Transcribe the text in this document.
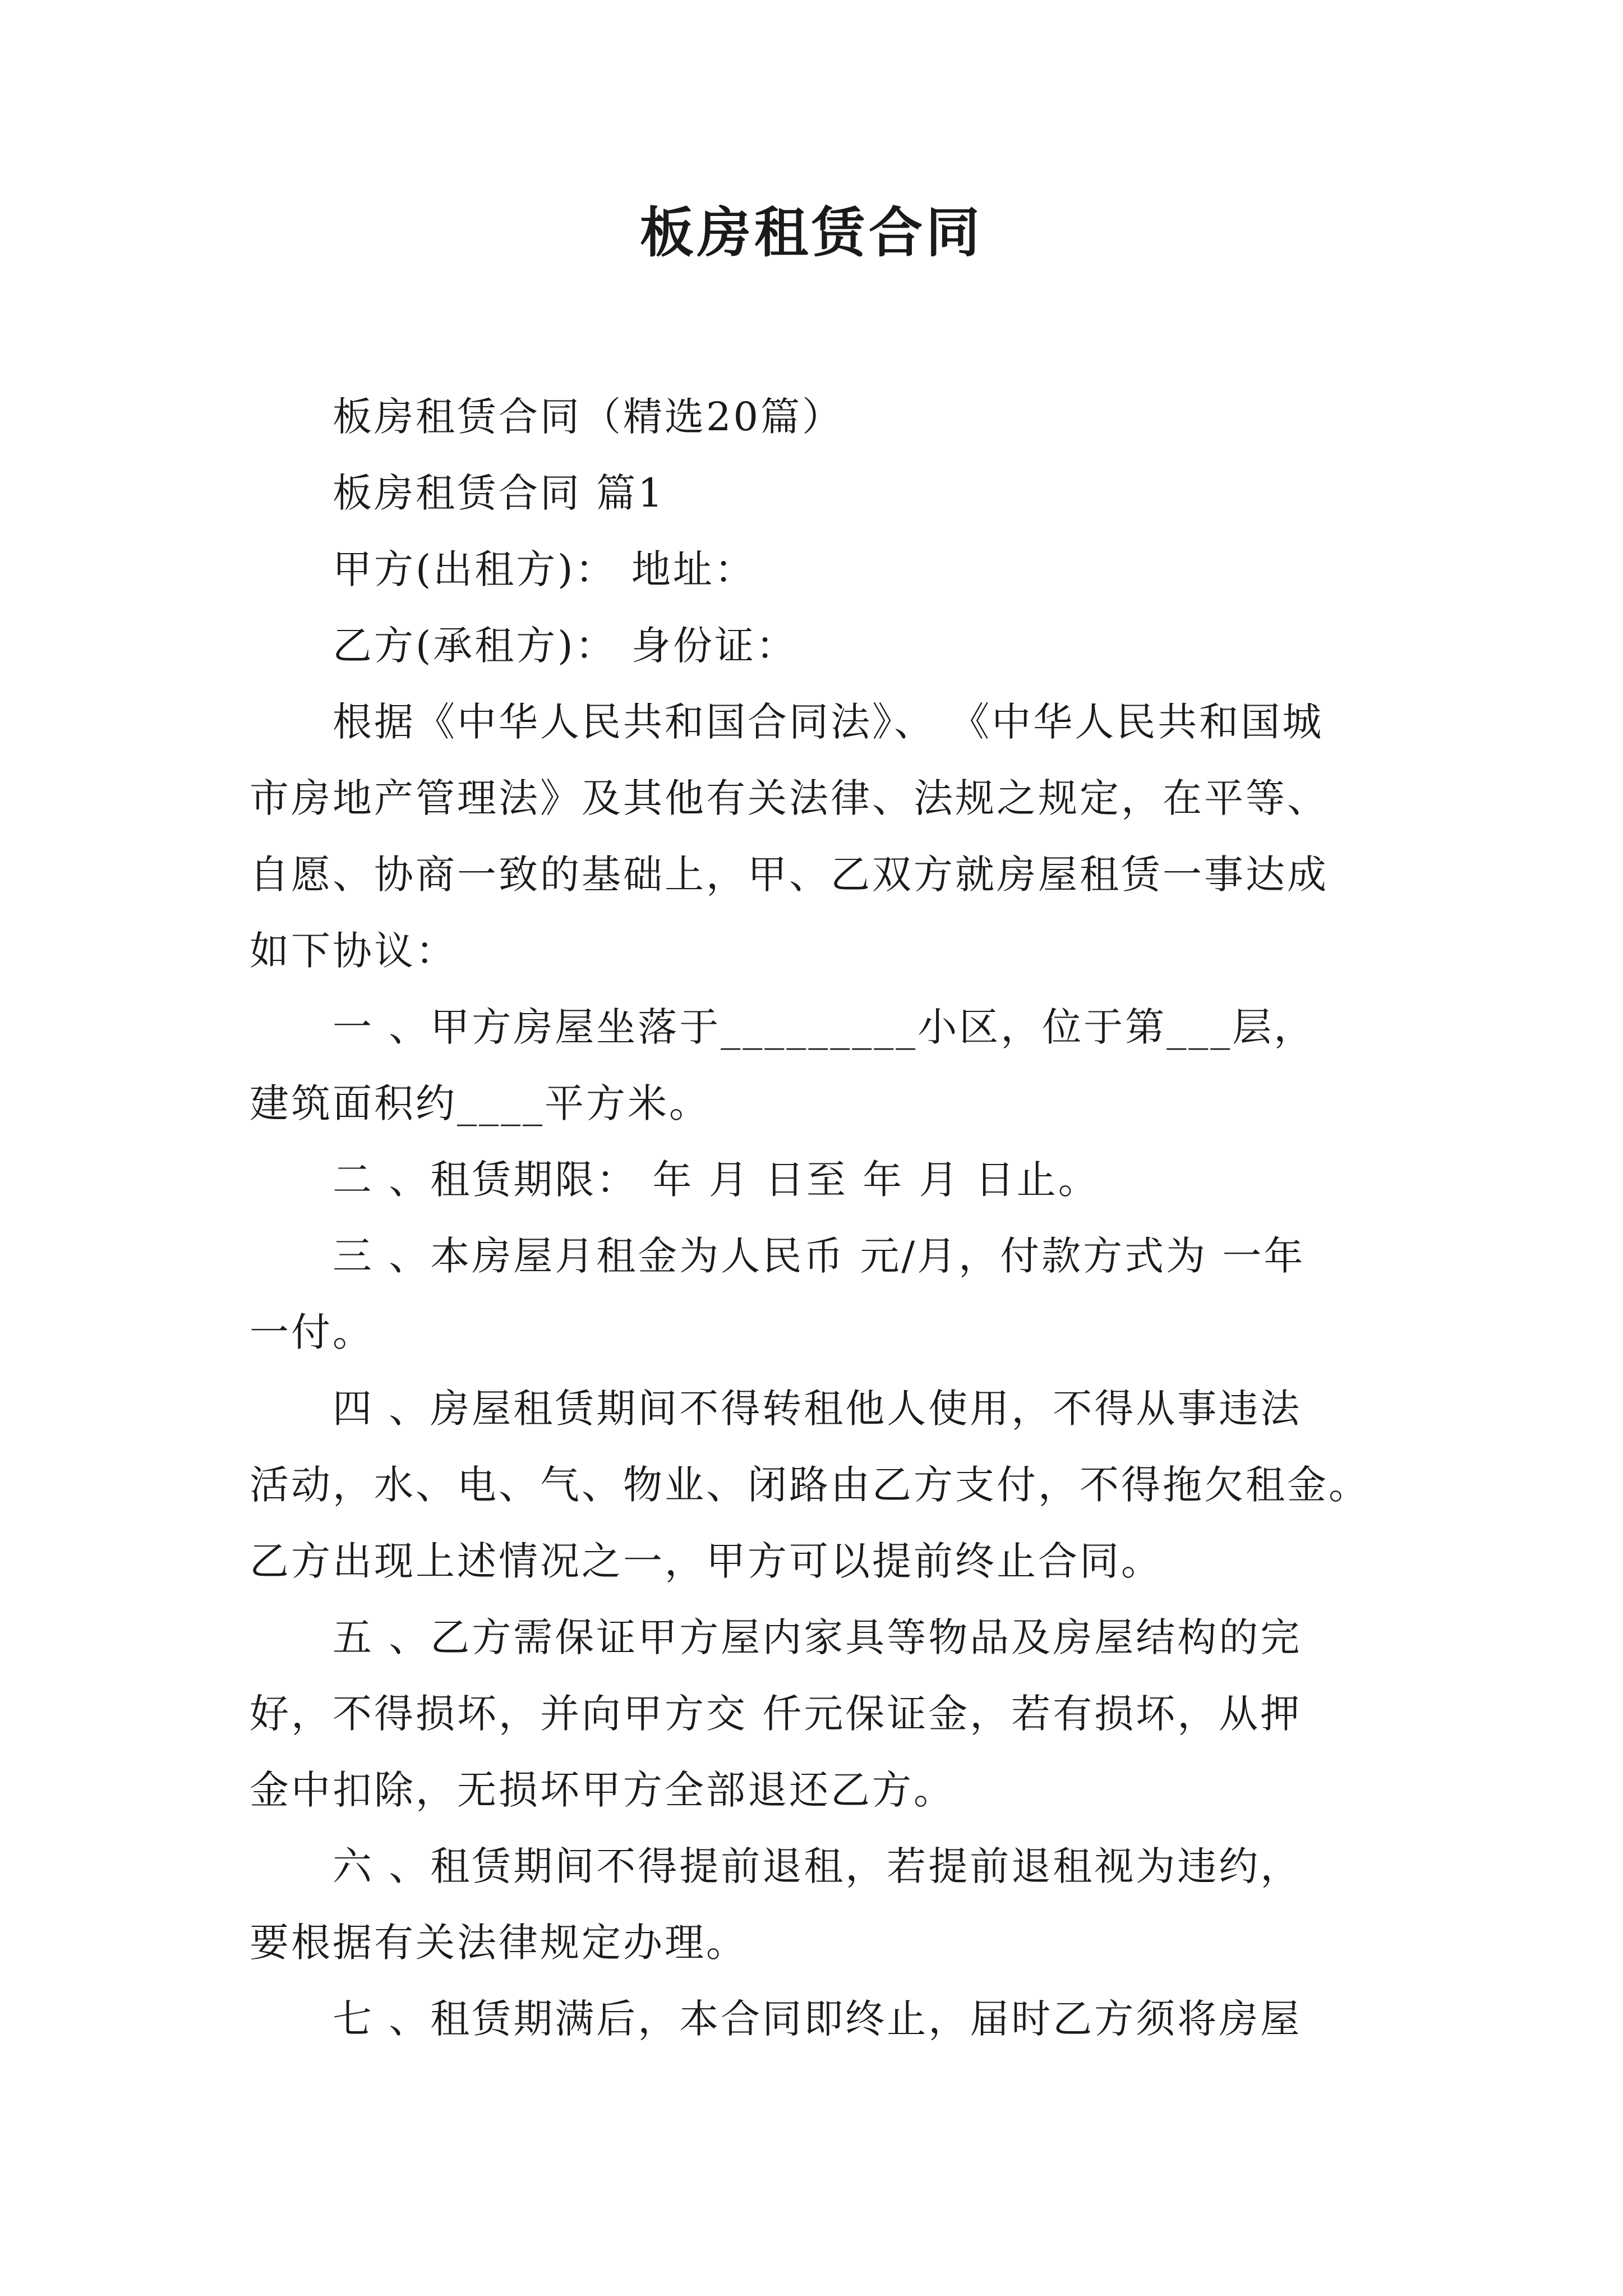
板房租赁合同
板房租赁合同（精选20篇）
板房租赁合同 篇1
甲方(出租方)： 地址：
乙方(承租方)： 身份证：
根据《中华人民共和国合同法》、 《中华人民共和国城
市房地产管理法》及其他有关法律、法规之规定，在平等、
自愿、协商一致的基础上，甲、乙双方就房屋租赁一事达成
如下协议：
一 、甲方房屋坐落于_________小区，位于第___层，
建筑面积约____平方米。
二 、租赁期限： 年 月 日至 年 月 日止。
三 、本房屋月租金为人民币 元/月，付款方式为 一年
一付。
四 、房屋租赁期间不得转租他人使用，不得从事违法
活动，水、电、气、物业、闭路由乙方支付，不得拖欠租金。
乙方出现上述情况之一，甲方可以提前终止合同。
五 、乙方需保证甲方屋内家具等物品及房屋结构的完
好，不得损坏，并向甲方交 仟元保证金，若有损坏，从押
金中扣除，无损坏甲方全部退还乙方。
六 、租赁期间不得提前退租，若提前退租视为违约，
要根据有关法律规定办理。
七 、租赁期满后，本合同即终止，届时乙方须将房屋
